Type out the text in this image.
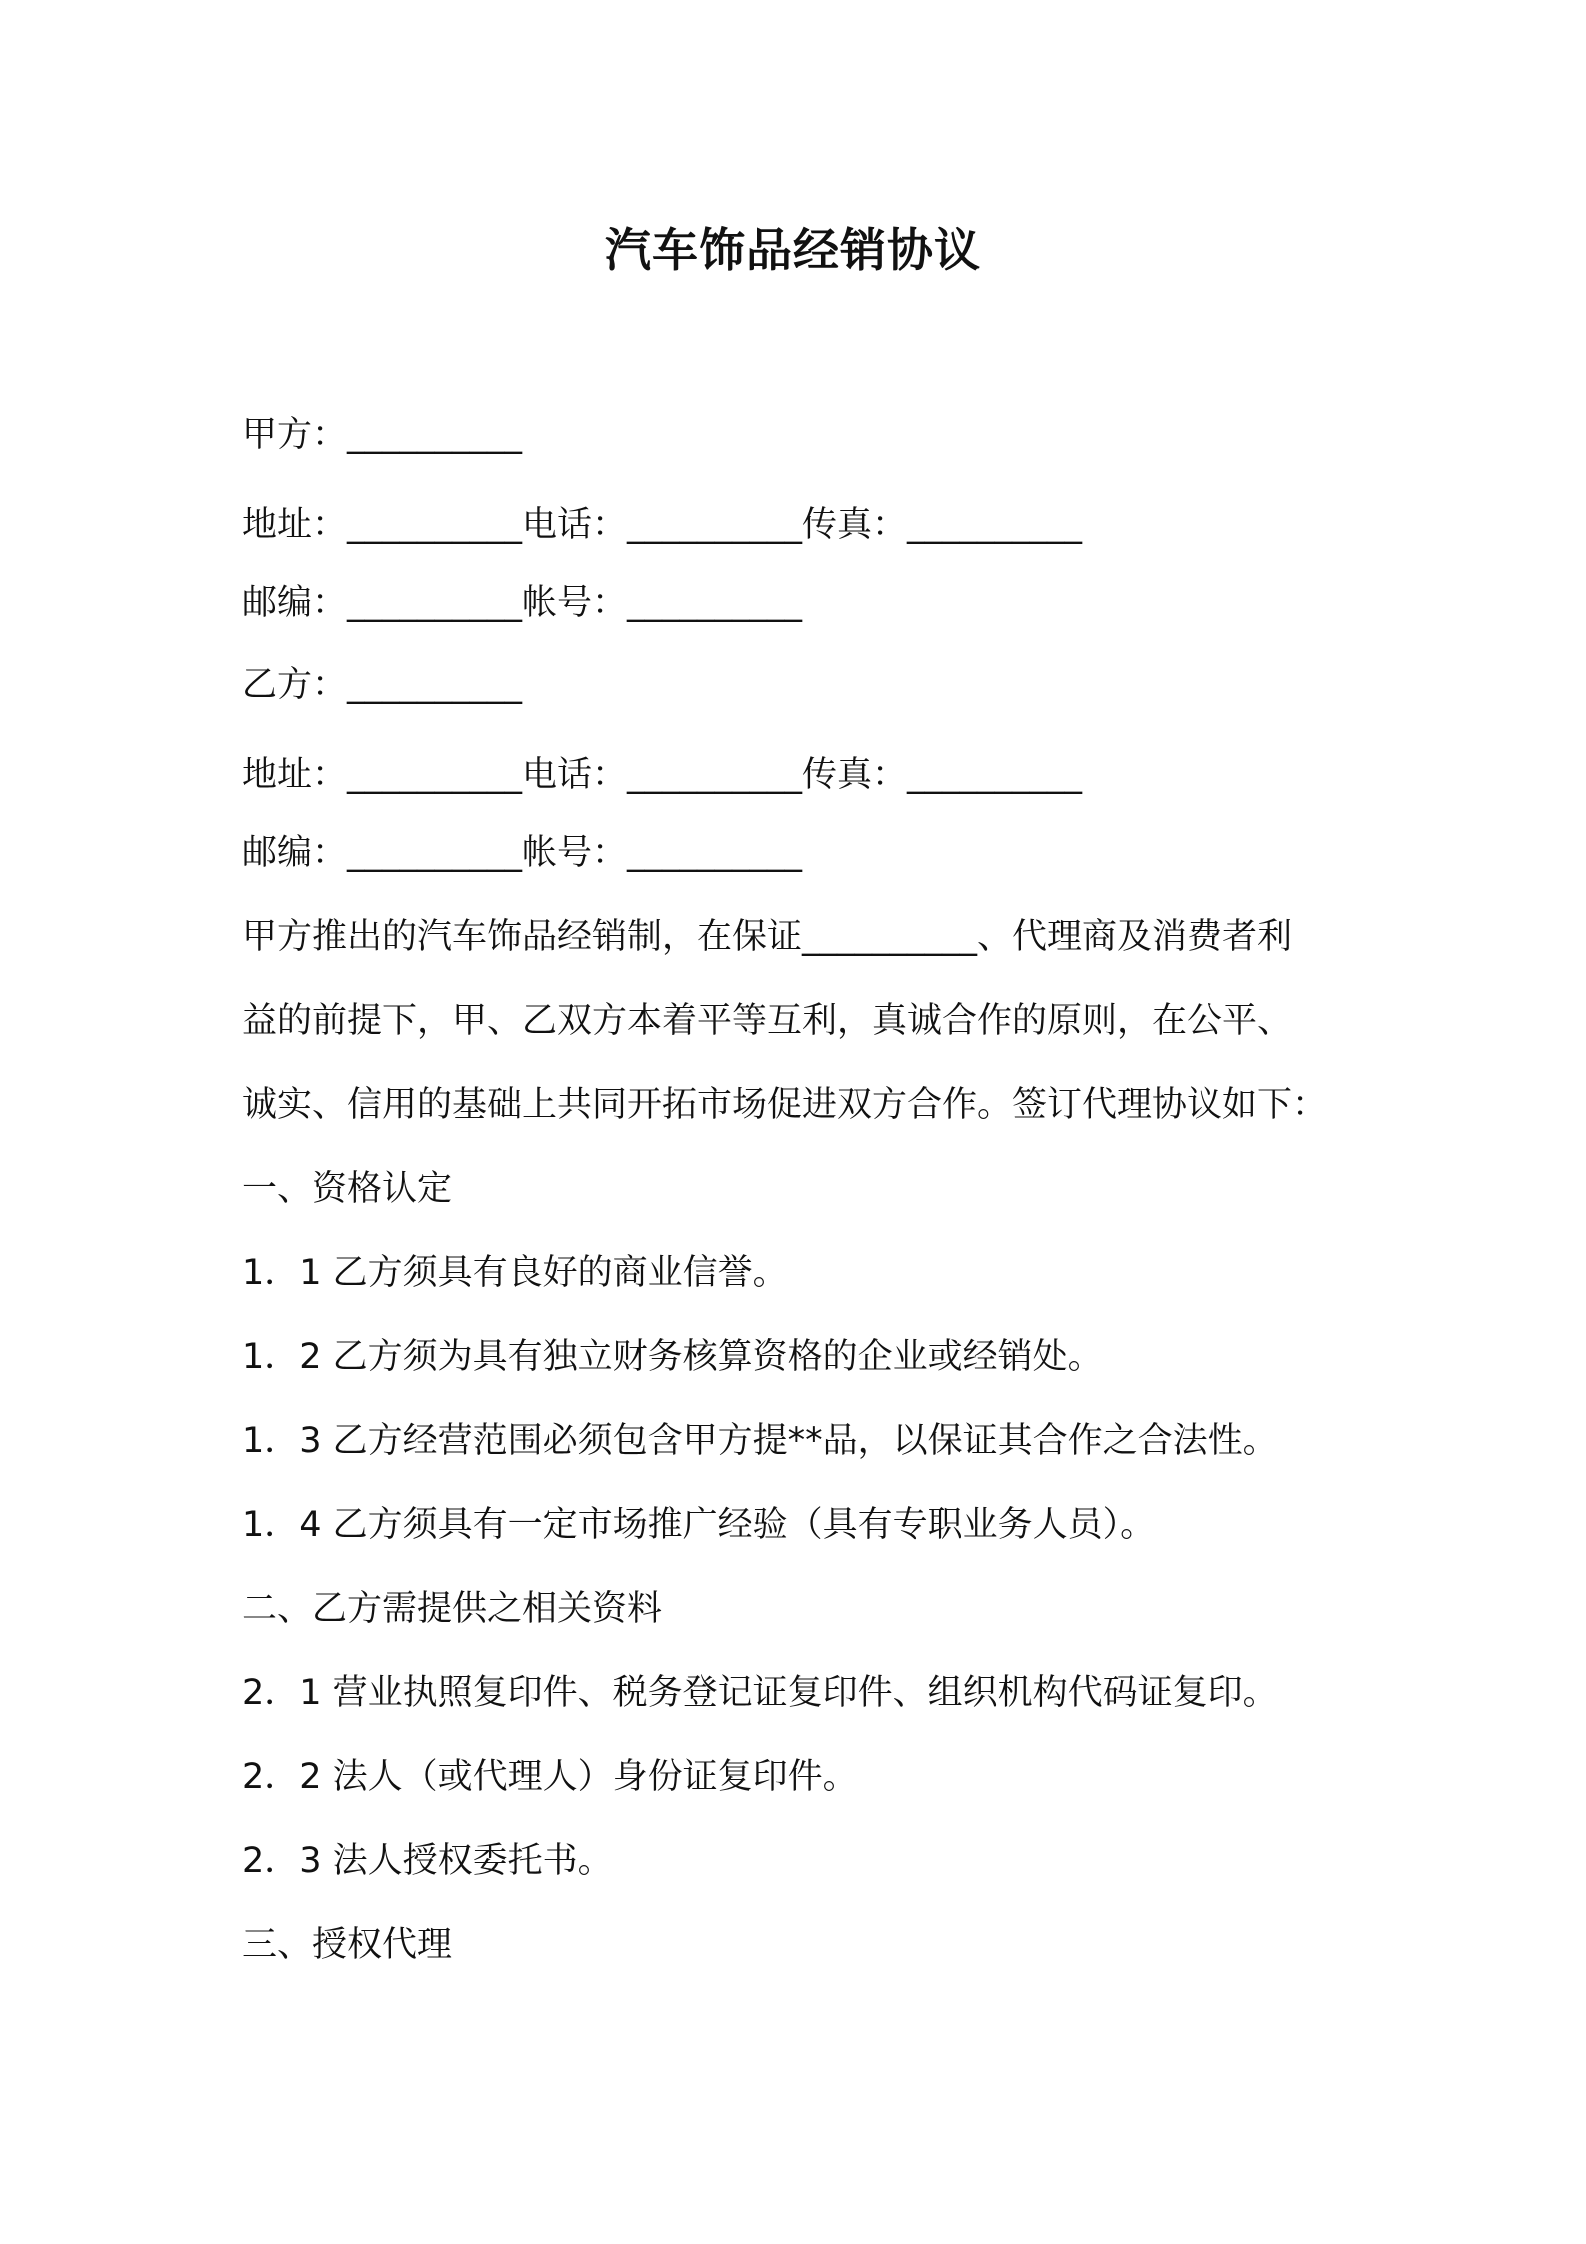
汽车饰品经销协议
甲方：__________
地址：__________电话：__________传真：__________
邮编：__________帐号：__________
乙方：__________
地址：__________电话：__________传真：__________
邮编：__________帐号：__________
甲方推出的汽车饰品经销制，在保证__________、代理商及消费者利
益的前提下，甲、乙双方本着平等互利，真诚合作的原则，在公平、
诚实、信用的基础上共同开拓市场促进双方合作。签订代理协议如下：
一、资格认定
1．1 乙方须具有良好的商业信誉。
1．2 乙方须为具有独立财务核算资格的企业或经销处。
1．3 乙方经营范围必须包含甲方提**品，以保证其合作之合法性。
1．4 乙方须具有一定市场推广经验（具有专职业务人员）。
二、乙方需提供之相关资料
2．1 营业执照复印件、税务登记证复印件、组织机构代码证复印。
2．2 法人（或代理人）身份证复印件。
2．3 法人授权委托书。
三、授权代理
